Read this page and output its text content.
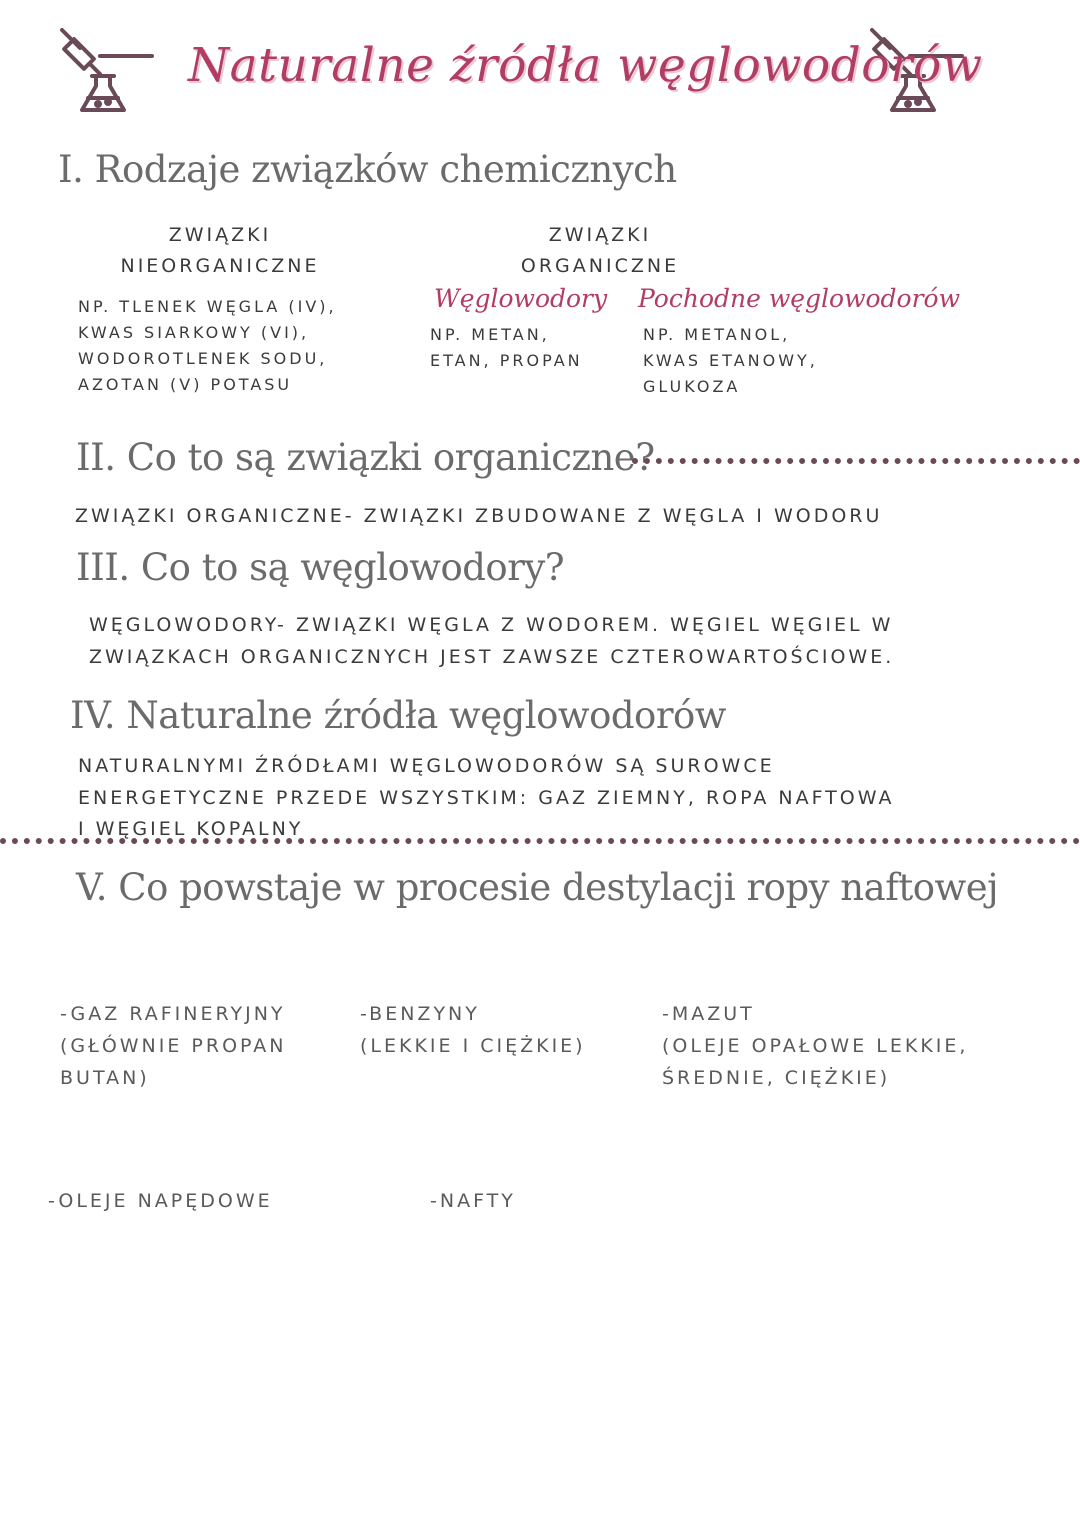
Naturalne źródła węglowodorów
I. Rodzaje związków chemicznych
ZWIĄZKI
NIEORGANICZNE
NP. TLENEK WĘGLA (IV),
KWAS SIARKOWY (VI),
WODOROTLENEK SODU,
AZOTAN (V) POTASU
ZWIĄZKI
ORGANICZNE
Węglowodory Pochodne węglowodorów
NP. METAN,
ETAN, PROPAN
NP. METANOL,
KWAS ETANOWY,
GLUKOZA
II. Co to są związki organiczne?
ZWIĄZKI ORGANICZNE- ZWIĄZKI ZBUDOWANE Z WĘGLA I WODORU
III. Co to są węglowodory?
WĘGLOWODORY- ZWIĄZKI WĘGLA Z WODOREM. WĘGIEL WĘGIEL W
ZWIĄZKACH ORGANICZNYCH JEST ZAWSZE CZTEROWARTOŚCIOWE.
IV. Naturalne źródła węglowodorów
NATURALNYMI ŹRÓDŁAMI WĘGLOWODORÓW SĄ SUROWCE
ENERGETYCZNE PRZEDE WSZYSTKIM: GAZ ZIEMNY, ROPA NAFTOWA
I WĘGIEL KOPALNY
V. Co powstaje w procesie destylacji ropy naftowej
-GAZ RAFINERYJNY
(GŁÓWNIE PROPAN
BUTAN)
-BENZYNY
(LEKKIE I CIĘŻKIE)
-MAZUT
(OLEJE OPAŁOWE LEKKIE,
ŚREDNIE, CIĘŻKIE)
-OLEJE NAPĘDOWE	-NAFTY
